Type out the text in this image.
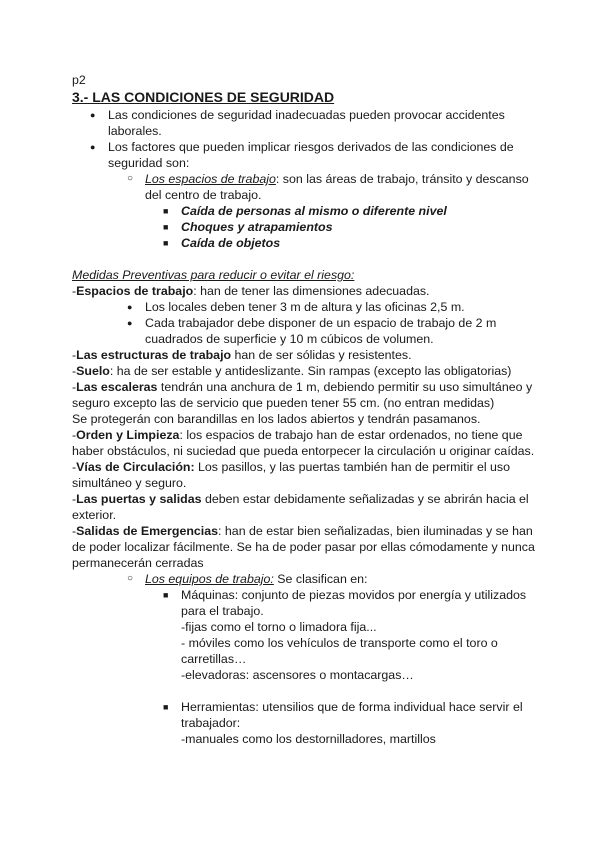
p2
3.- LAS CONDICIONES DE SEGURIDAD
● Las condiciones de seguridad inadecuadas pueden provocar accidentes
laborales.
● Los factores que pueden implicar riesgos derivados de las condiciones de
seguridad son:
○ Los espacios de trabajo: son las áreas de trabajo, tránsito y descanso
del centro de trabajo.
■ Caída de personas al mismo o diferente nivel
■ Choques y atrapamientos
■ Caída de objetos
Medidas Preventivas para reducir o evitar el riesgo:
-Espacios de trabajo: han de tener las dimensiones adecuadas.
● Los locales deben tener 3 m de altura y las oficinas 2,5 m.
● Cada trabajador debe disponer de un espacio de trabajo de 2 m
cuadrados de superficie y 10 m cúbicos de volumen.
-Las estructuras de trabajo han de ser sólidas y resistentes.
-Suelo: ha de ser estable y antideslizante. Sin rampas (excepto las obligatorias)
-Las escaleras tendrán una anchura de 1 m, debiendo permitir su uso simultáneo y
seguro excepto las de servicio que pueden tener 55 cm. (no entran medidas)
Se protegerán con barandillas en los lados abiertos y tendrán pasamanos.
-Orden y Limpieza: los espacios de trabajo han de estar ordenados, no tiene que
haber obstáculos, ni suciedad que pueda entorpecer la circulación u originar caídas.
-Vías de Circulación: Los pasillos, y las puertas también han de permitir el uso
simultáneo y seguro.
-Las puertas y salidas deben estar debidamente señalizadas y se abrirán hacia el
exterior.
-Salidas de Emergencias: han de estar bien señalizadas, bien iluminadas y se han
de poder localizar fácilmente. Se ha de poder pasar por ellas cómodamente y nunca
permanecerán cerradas
○ Los equipos de trabajo: Se clasifican en:
■ Máquinas: conjunto de piezas movidos por energía y utilizados
para el trabajo.
-fijas como el torno o limadora fija...
- móviles como los vehículos de transporte como el toro o
carretillas…
-elevadoras: ascensores o montacargas…
■ Herramientas: utensilios que de forma individual hace servir el
trabajador:
-manuales como los destornilladores, martillos
